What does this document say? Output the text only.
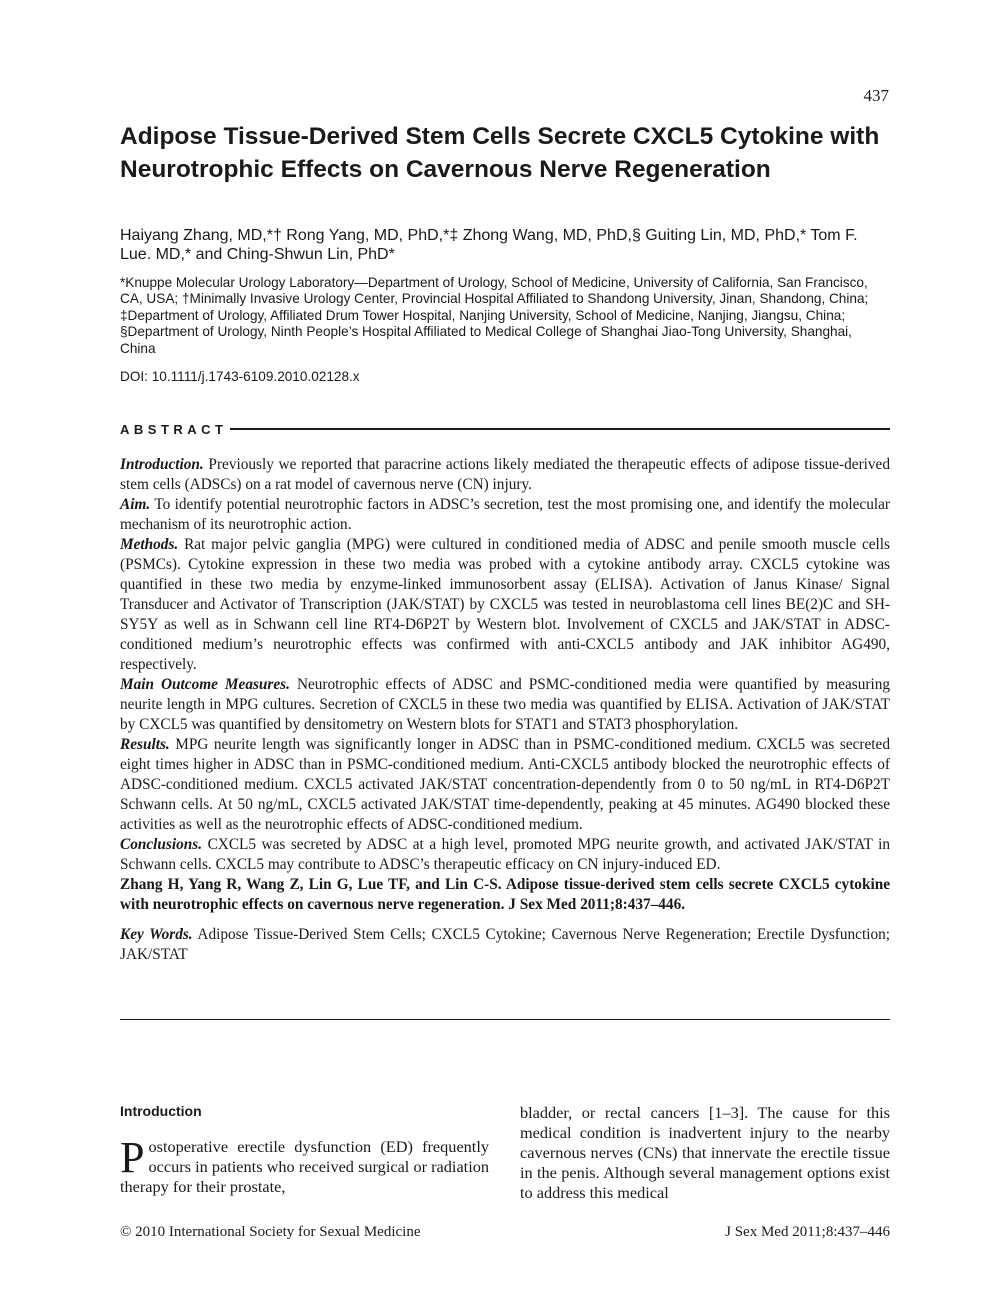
437
Adipose Tissue-Derived Stem Cells Secrete CXCL5 Cytokine with Neurotrophic Effects on Cavernous Nerve Regeneration
Haiyang Zhang, MD,*† Rong Yang, MD, PhD,*‡ Zhong Wang, MD, PhD,§ Guiting Lin, MD, PhD,* Tom F. Lue. MD,* and Ching-Shwun Lin, PhD*
*Knuppe Molecular Urology Laboratory—Department of Urology, School of Medicine, University of California, San Francisco, CA, USA; †Minimally Invasive Urology Center, Provincial Hospital Affiliated to Shandong University, Jinan, Shandong, China; ‡Department of Urology, Affiliated Drum Tower Hospital, Nanjing University, School of Medicine, Nanjing, Jiangsu, China; §Department of Urology, Ninth People’s Hospital Affiliated to Medical College of Shanghai Jiao-Tong University, Shanghai, China
DOI: 10.1111/j.1743-6109.2010.02128.x
ABSTRACT

Introduction. Previously we reported that paracrine actions likely mediated the therapeutic effects of adipose tissue-derived stem cells (ADSCs) on a rat model of cavernous nerve (CN) injury.

Aim. To identify potential neurotrophic factors in ADSC’s secretion, test the most promising one, and identify the molecular mechanism of its neurotrophic action.

Methods. Rat major pelvic ganglia (MPG) were cultured in conditioned media of ADSC and penile smooth muscle cells (PSMCs). Cytokine expression in these two media was probed with a cytokine antibody array. CXCL5 cytokine was quantified in these two media by enzyme-linked immunosorbent assay (ELISA). Activation of Janus Kinase/ Signal Transducer and Activator of Transcription (JAK/STAT) by CXCL5 was tested in neuroblastoma cell lines BE(2)C and SH-SY5Y as well as in Schwann cell line RT4-D6P2T by Western blot. Involvement of CXCL5 and JAK/STAT in ADSC-conditioned medium’s neurotrophic effects was confirmed with anti-CXCL5 antibody and JAK inhibitor AG490, respectively.

Main Outcome Measures. Neurotrophic effects of ADSC and PSMC-conditioned media were quantified by measuring neurite length in MPG cultures. Secretion of CXCL5 in these two media was quantified by ELISA. Activation of JAK/STAT by CXCL5 was quantified by densitometry on Western blots for STAT1 and STAT3 phosphorylation.

Results. MPG neurite length was significantly longer in ADSC than in PSMC-conditioned medium. CXCL5 was secreted eight times higher in ADSC than in PSMC-conditioned medium. Anti-CXCL5 antibody blocked the neurotrophic effects of ADSC-conditioned medium. CXCL5 activated JAK/STAT concentration-dependently from 0 to 50 ng/mL in RT4-D6P2T Schwann cells. At 50 ng/mL, CXCL5 activated JAK/STAT time-dependently, peaking at 45 minutes. AG490 blocked these activities as well as the neurotrophic effects of ADSC-conditioned medium.

Conclusions. CXCL5 was secreted by ADSC at a high level, promoted MPG neurite growth, and activated JAK/STAT in Schwann cells. CXCL5 may contribute to ADSC’s therapeutic efficacy on CN injury-induced ED.

Zhang H, Yang R, Wang Z, Lin G, Lue TF, and Lin C-S. Adipose tissue-derived stem cells secrete CXCL5 cytokine with neurotrophic effects on cavernous nerve regeneration. J Sex Med 2011;8:437–446.

Key Words. Adipose Tissue-Derived Stem Cells; CXCL5 Cytokine; Cavernous Nerve Regeneration; Erectile Dysfunction; JAK/STAT

Introduction

Postoperative erectile dysfunction (ED) frequently occurs in patients who received surgical or radiation therapy for their prostate,

bladder, or rectal cancers [1–3]. The cause for this medical condition is inadvertent injury to the nearby cavernous nerves (CNs) that innervate the erectile tissue in the penis. Although several management options exist to address this medical

© 2010 International Society for Sexual Medicine	J Sex Med 2011;8:437–446
